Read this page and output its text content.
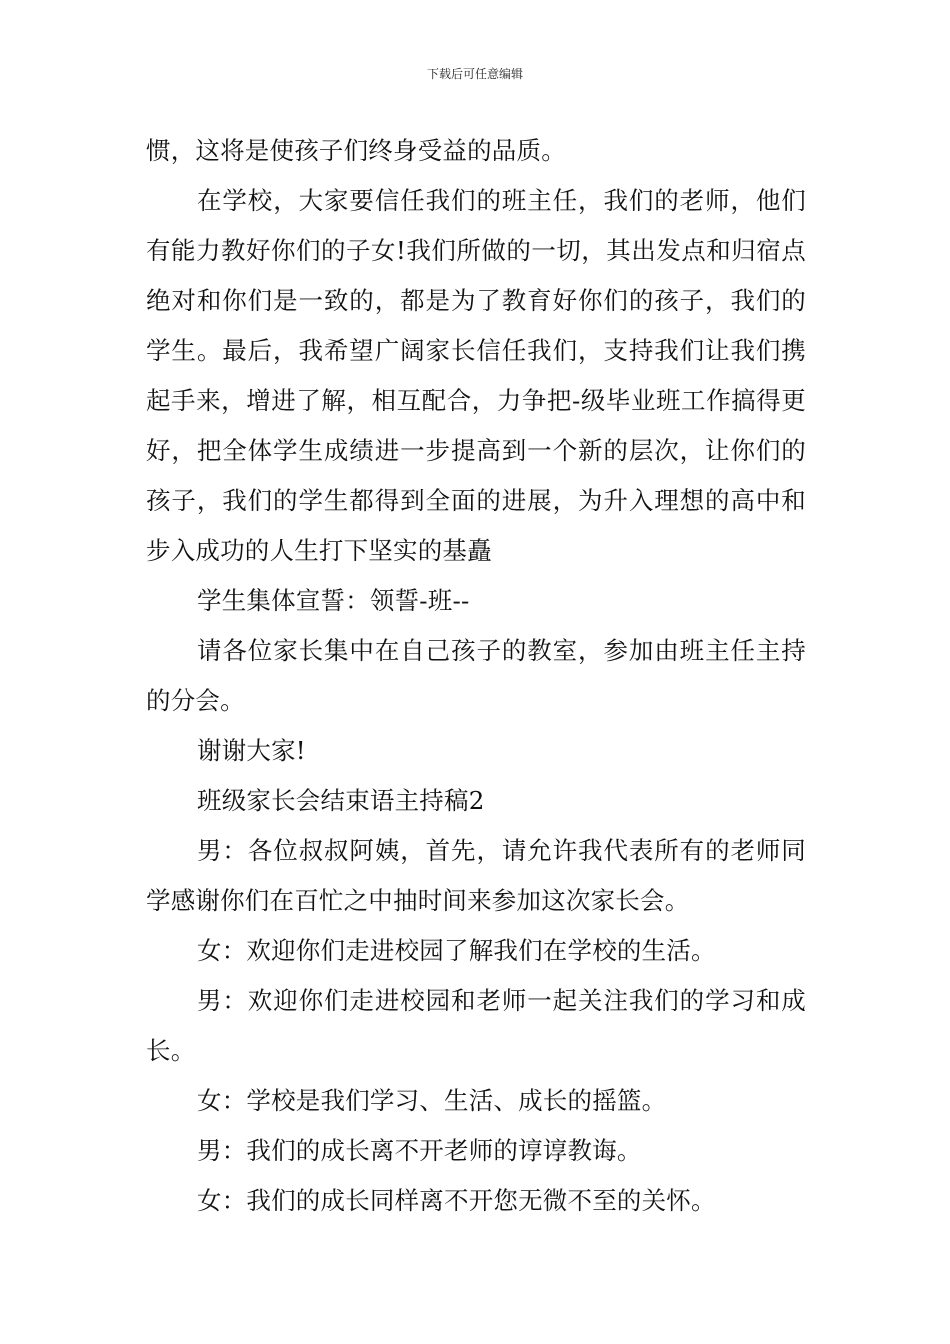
下载后可任意编辑

惯，这将是使孩子们终身受益的品质。

在学校，大家要信任我们的班主任，我们的老师，他们有能力教好你们的子女!我们所做的一切，其出发点和归宿点绝对和你们是一致的，都是为了教育好你们的孩子，我们的学生。最后，我希望广阔家长信任我们，支持我们让我们携起手来，增进了解，相互配合，力争把-级毕业班工作搞得更好，把全体学生成绩进一步提高到一个新的层次，让你们的孩子，我们的学生都得到全面的进展，为升入理想的高中和步入成功的人生打下坚实的基矗

学生集体宣誓：领誓-班--

请各位家长集中在自己孩子的教室，参加由班主任主持的分会。

谢谢大家!

班级家长会结束语主持稿2

男：各位叔叔阿姨，首先，请允许我代表所有的老师同学感谢你们在百忙之中抽时间来参加这次家长会。

女：欢迎你们走进校园了解我们在学校的生活。

男：欢迎你们走进校园和老师一起关注我们的学习和成长。

女：学校是我们学习、生活、成长的摇篮。

男：我们的成长离不开老师的谆谆教诲。

女：我们的成长同样离不开您无微不至的关怀。
